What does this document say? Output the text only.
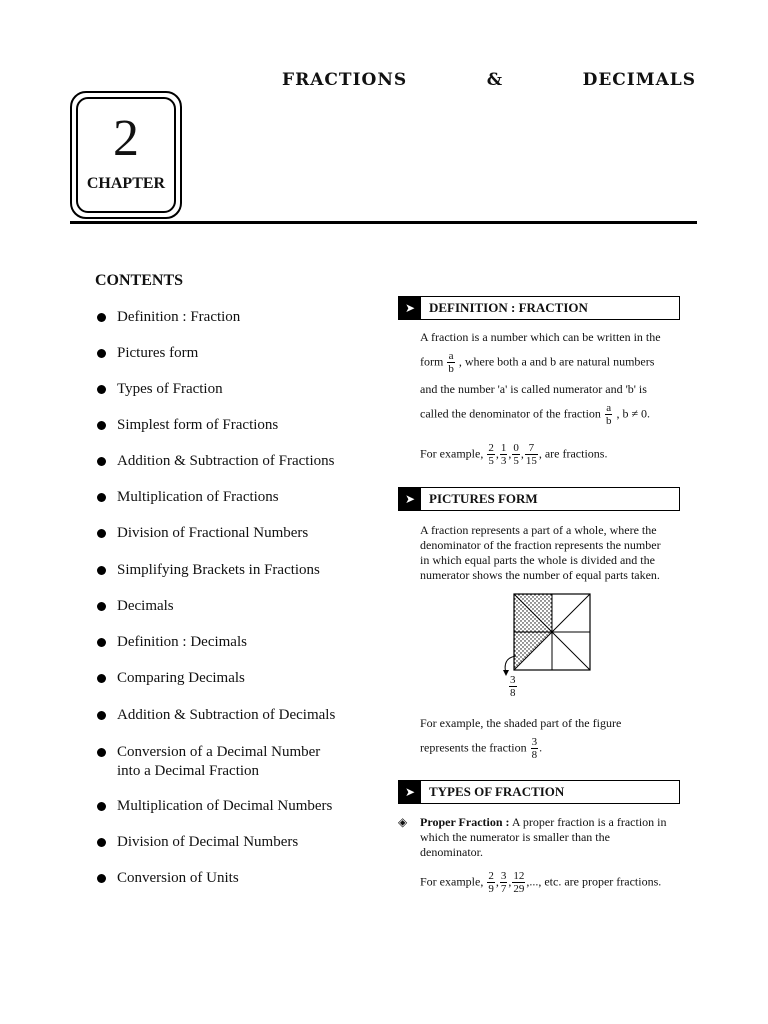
FRACTIONS	&	DECIMALS
2
CHAPTER
CONTENTS
Definition : Fraction
Pictures form
Types of Fraction
Simplest form of Fractions
Addition & Subtraction of Fractions
Multiplication of Fractions
Division of Fractional Numbers
Simplifying Brackets in Fractions
Decimals
Definition : Decimals
Comparing Decimals
Addition & Subtraction of Decimals
Conversion of a Decimal Number
into a Decimal Fraction
Multiplication of Decimal Numbers
Division of Decimal Numbers
Conversion of Units
➤	DEFINITION : FRACTION
A fraction is a number which can be written in the
form $\frac{a}{b}$ , where both a and b are natural numbers
and the number 'a' is called numerator and 'b' is
called the denominator of the fraction $\frac{a}{b}$ , b ≠ 0.
For example, $\frac{2}{5}$ , $\frac{1}{3}$ , $\frac{0}{5}$ , $\frac{7}{15}$ , are fractions.
➤	PICTURES FORM
A fraction represents a part of a whole, where the
denominator of the fraction represents the number
in which equal parts the whole is divided and the
numerator shows the number of equal parts taken.
$\frac{3}{8}$
For example, the shaded part of the figure
represents the fraction $\frac{3}{8}$ .
➤	TYPES OF FRACTION
◈ Proper Fraction : A proper fraction is a fraction in
which the numerator is smaller than the
denominator.
For example, $\frac{2}{9}$ , $\frac{3}{7}$ , $\frac{12}{29}$ ,..., etc. are proper fractions.
